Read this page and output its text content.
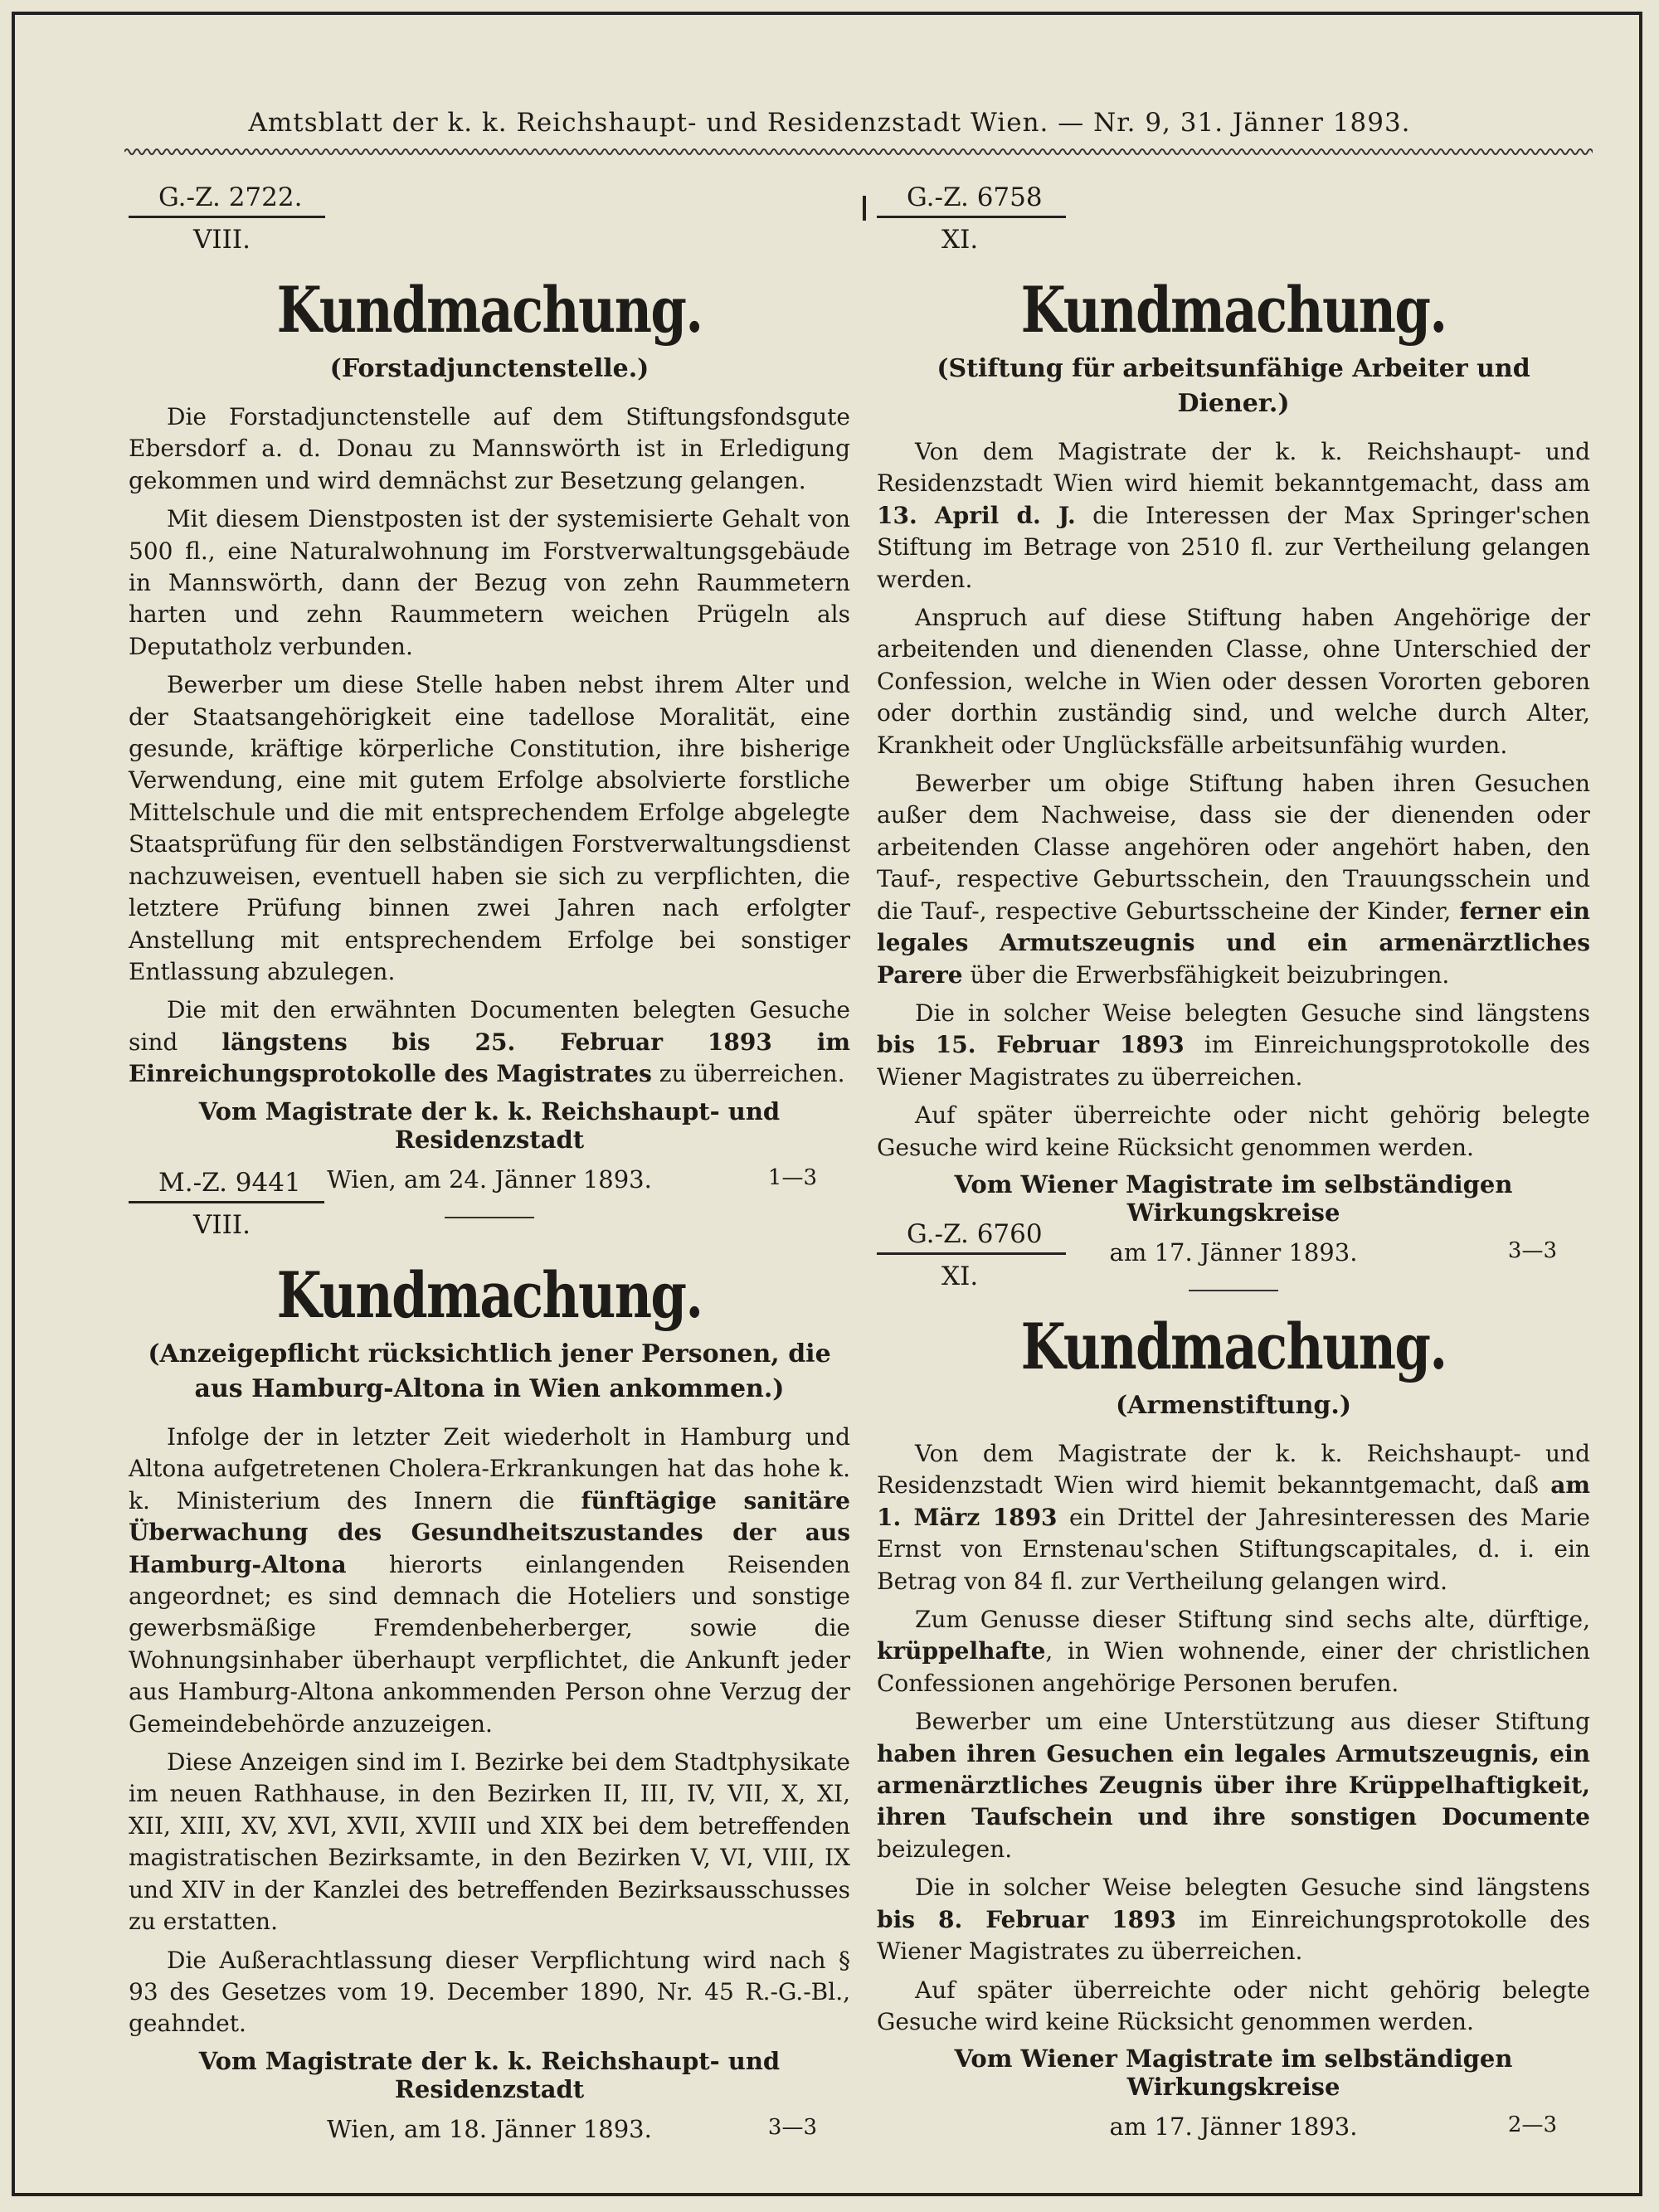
Amtsblatt der k. k. Reichshaupt- und Residenzstadt Wien. — Nr. 9, 31. Jänner 1893.
G.-Z. 2722.
VIII.
Kundmachung.
(Forstadjunctenstelle.)

Die Forstadjunctenstelle auf dem Stiftungsfondsgute Ebersdorf a. d. Donau zu Mannswörth ist in Erledigung gekommen und wird demnächst zur Besetzung gelangen.

Mit diesem Dienstposten ist der systemisierte Gehalt von 500 fl., eine Naturalwohnung im Forstverwaltungsgebäude in Mannswörth, dann der Bezug von zehn Raummetern harten und zehn Raummetern weichen Prügeln als Deputatholz verbunden.

Bewerber um diese Stelle haben nebst ihrem Alter und der Staatsangehörigkeit eine tadellose Moralität, eine gesunde, kräftige körperliche Constitution, ihre bisherige Verwendung, eine mit gutem Erfolge absolvierte forstliche Mittelschule und die mit entsprechendem Erfolge abgelegte Staatsprüfung für den selbständigen Forstverwaltungsdienst nachzuweisen, eventuell haben sie sich zu verpflichten, die letztere Prüfung binnen zwei Jahren nach erfolgter Anstellung mit entsprechendem Erfolge bei sonstiger Entlassung abzulegen.

Die mit den erwähnten Documenten belegten Gesuche sind längstens bis 25. Februar 1893 im Einreichungsprotokolle des Magistrates zu überreichen.

Vom Magistrate der k. k. Reichshaupt- und Residenzstadt
Wien, am 24. Jänner 1893.	1—3
M.-Z. 9441
VIII.
Kundmachung.
(Anzeigepflicht rücksichtlich jener Personen, die aus Hamburg-Altona in Wien ankommen.)

Infolge der in letzter Zeit wiederholt in Hamburg und Altona aufgetretenen Cholera-Erkrankungen hat das hohe k. k. Ministerium des Innern die fünftägige sanitäre Überwachung des Gesundheitszustandes der aus Hamburg-Altona hierorts einlangenden Reisenden angeordnet; es sind demnach die Hoteliers und sonstige gewerbsmäßige Fremdenbeherberger, sowie die Wohnungsinhaber überhaupt verpflichtet, die Ankunft jeder aus Hamburg-Altona ankommenden Person ohne Verzug der Gemeindebehörde anzuzeigen.

Diese Anzeigen sind im I. Bezirke bei dem Stadtphysikate im neuen Rathhause, in den Bezirken II, III, IV, VII, X, XI, XII, XIII, XV, XVI, XVII, XVIII und XIX bei dem betreffenden magistratischen Bezirksamte, in den Bezirken V, VI, VIII, IX und XIV in der Kanzlei des betreffenden Bezirksausschusses zu erstatten.

Die Außerachtlassung dieser Verpflichtung wird nach § 93 des Gesetzes vom 19. December 1890, Nr. 45 R.-G.-Bl., geahndet.

Vom Magistrate der k. k. Reichshaupt- und Residenzstadt
Wien, am 18. Jänner 1893.	3—3
G.-Z. 6758
XI.
Kundmachung.
(Stiftung für arbeitsunfähige Arbeiter und Diener.)

Von dem Magistrate der k. k. Reichshaupt- und Residenzstadt Wien wird hiemit bekanntgemacht, dass am 13. April d. J. die Interessen der Max Springer'schen Stiftung im Betrage von 2510 fl. zur Vertheilung gelangen werden.

Anspruch auf diese Stiftung haben Angehörige der arbeitenden und dienenden Classe, ohne Unterschied der Confession, welche in Wien oder dessen Vororten geboren oder dorthin zuständig sind, und welche durch Alter, Krankheit oder Unglücksfälle arbeitsunfähig wurden.

Bewerber um obige Stiftung haben ihren Gesuchen außer dem Nachweise, dass sie der dienenden oder arbeitenden Classe angehören oder angehört haben, den Tauf-, respective Geburtsschein, den Trauungsschein und die Tauf-, respective Geburtsscheine der Kinder, ferner ein legales Armutszeugnis und ein armenärztliches Parere über die Erwerbsfähigkeit beizubringen.

Die in solcher Weise belegten Gesuche sind längstens bis 15. Februar 1893 im Einreichungsprotokolle des Wiener Magistrates zu überreichen.

Auf später überreichte oder nicht gehörig belegte Gesuche wird keine Rücksicht genommen werden.

Vom Wiener Magistrate im selbständigen Wirkungskreise
am 17. Jänner 1893.	3—3
G.-Z. 6760
XI.
Kundmachung.
(Armenstiftung.)

Von dem Magistrate der k. k. Reichshaupt- und Residenzstadt Wien wird hiemit bekanntgemacht, daß am 1. März 1893 ein Drittel der Jahresinteressen des Marie Ernst von Ernstenau'schen Stiftungscapitales, d. i. ein Betrag von 84 fl. zur Vertheilung gelangen wird.

Zum Genusse dieser Stiftung sind sechs alte, dürftige, krüppelhafte, in Wien wohnende, einer der christlichen Confessionen angehörige Personen berufen.

Bewerber um eine Unterstützung aus dieser Stiftung haben ihren Gesuchen ein legales Armutszeugnis, ein armenärztliches Zeugnis über ihre Krüppelhaftigkeit, ihren Taufschein und ihre sonstigen Documente beizulegen.

Die in solcher Weise belegten Gesuche sind längstens bis 8. Februar 1893 im Einreichungsprotokolle des Wiener Magistrates zu überreichen.

Auf später überreichte oder nicht gehörig belegte Gesuche wird keine Rücksicht genommen werden.

Vom Wiener Magistrate im selbständigen Wirkungskreise
am 17. Jänner 1893.	2—3
